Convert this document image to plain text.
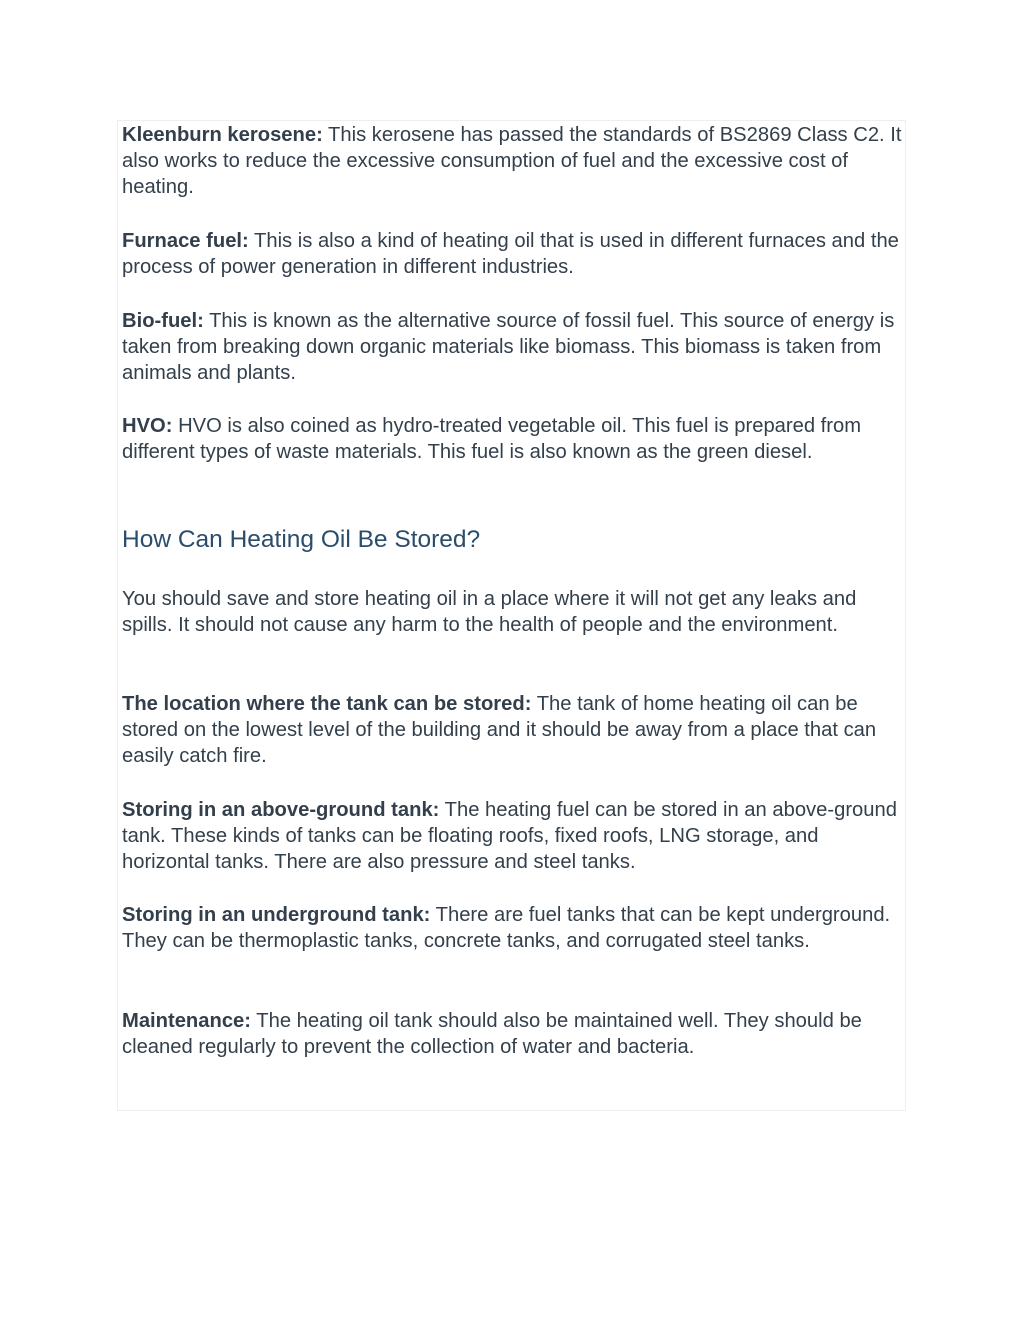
Kleenburn kerosene: This kerosene has passed the standards of BS2869 Class C2. It also works to reduce the excessive consumption of fuel and the excessive cost of heating.

Furnace fuel: This is also a kind of heating oil that is used in different furnaces and the process of power generation in different industries.

Bio-fuel: This is known as the alternative source of fossil fuel. This source of energy is taken from breaking down organic materials like biomass. This biomass is taken from animals and plants.

HVO: HVO is also coined as hydro-treated vegetable oil. This fuel is prepared from different types of waste materials. This fuel is also known as the green diesel.

How Can Heating Oil Be Stored?

You should save and store heating oil in a place where it will not get any leaks and spills. It should not cause any harm to the health of people and the environment.

The location where the tank can be stored: The tank of home heating oil can be stored on the lowest level of the building and it should be away from a place that can easily catch fire.

Storing in an above-ground tank: The heating fuel can be stored in an above-ground tank. These kinds of tanks can be floating roofs, fixed roofs, LNG storage, and horizontal tanks. There are also pressure and steel tanks.

Storing in an underground tank: There are fuel tanks that can be kept underground. They can be thermoplastic tanks, concrete tanks, and corrugated steel tanks.

Maintenance: The heating oil tank should also be maintained well. They should be cleaned regularly to prevent the collection of water and bacteria.
